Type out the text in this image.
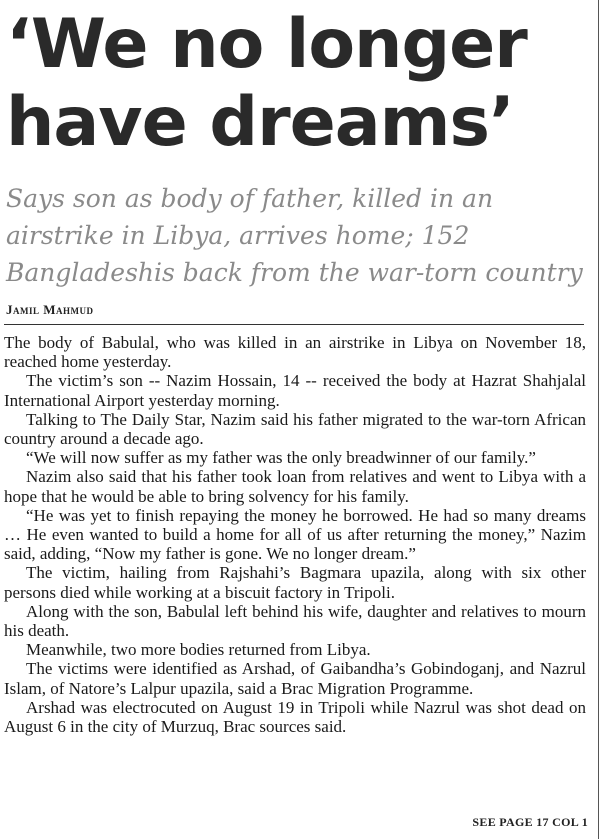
‘We no longer
have dreams’

Says son as body of father, killed in an airstrike in Libya, arrives home; 152 Bangladeshis back from the war-torn country

Jamil Mahmud

The body of Babulal, who was killed in an airstrike in Libya on November 18, reached home yesterday.

The victim’s son -- Nazim Hossain, 14 -- received the body at Hazrat Shahjalal International Airport yesterday morning.

Talking to The Daily Star, Nazim said his father migrated to the war-torn African country around a decade ago.

“We will now suffer as my father was the only breadwinner of our family.”

Nazim also said that his father took loan from relatives and went to Libya with a hope that he would be able to bring solvency for his family.

“He was yet to finish repaying the money he borrowed. He had so many dreams … He even wanted to build a home for all of us after returning the money,” Nazim said, adding, “Now my father is gone. We no longer dream.”

The victim, hailing from Rajshahi’s Bagmara upazila, along with six other persons died while working at a biscuit factory in Tripoli.

Along with the son, Babulal left behind his wife, daughter and relatives to mourn his death.

Meanwhile, two more bodies returned from Libya.

The victims were identified as Arshad, of Gaibandha’s Gobindoganj, and Nazrul Islam, of Natore’s Lalpur upazila, said a Brac Migration Programme.

Arshad was electrocuted on August 19 in Tripoli while Nazrul was shot dead on August 6 in the city of Murzuq, Brac sources said.

SEE PAGE 17 COL 1
